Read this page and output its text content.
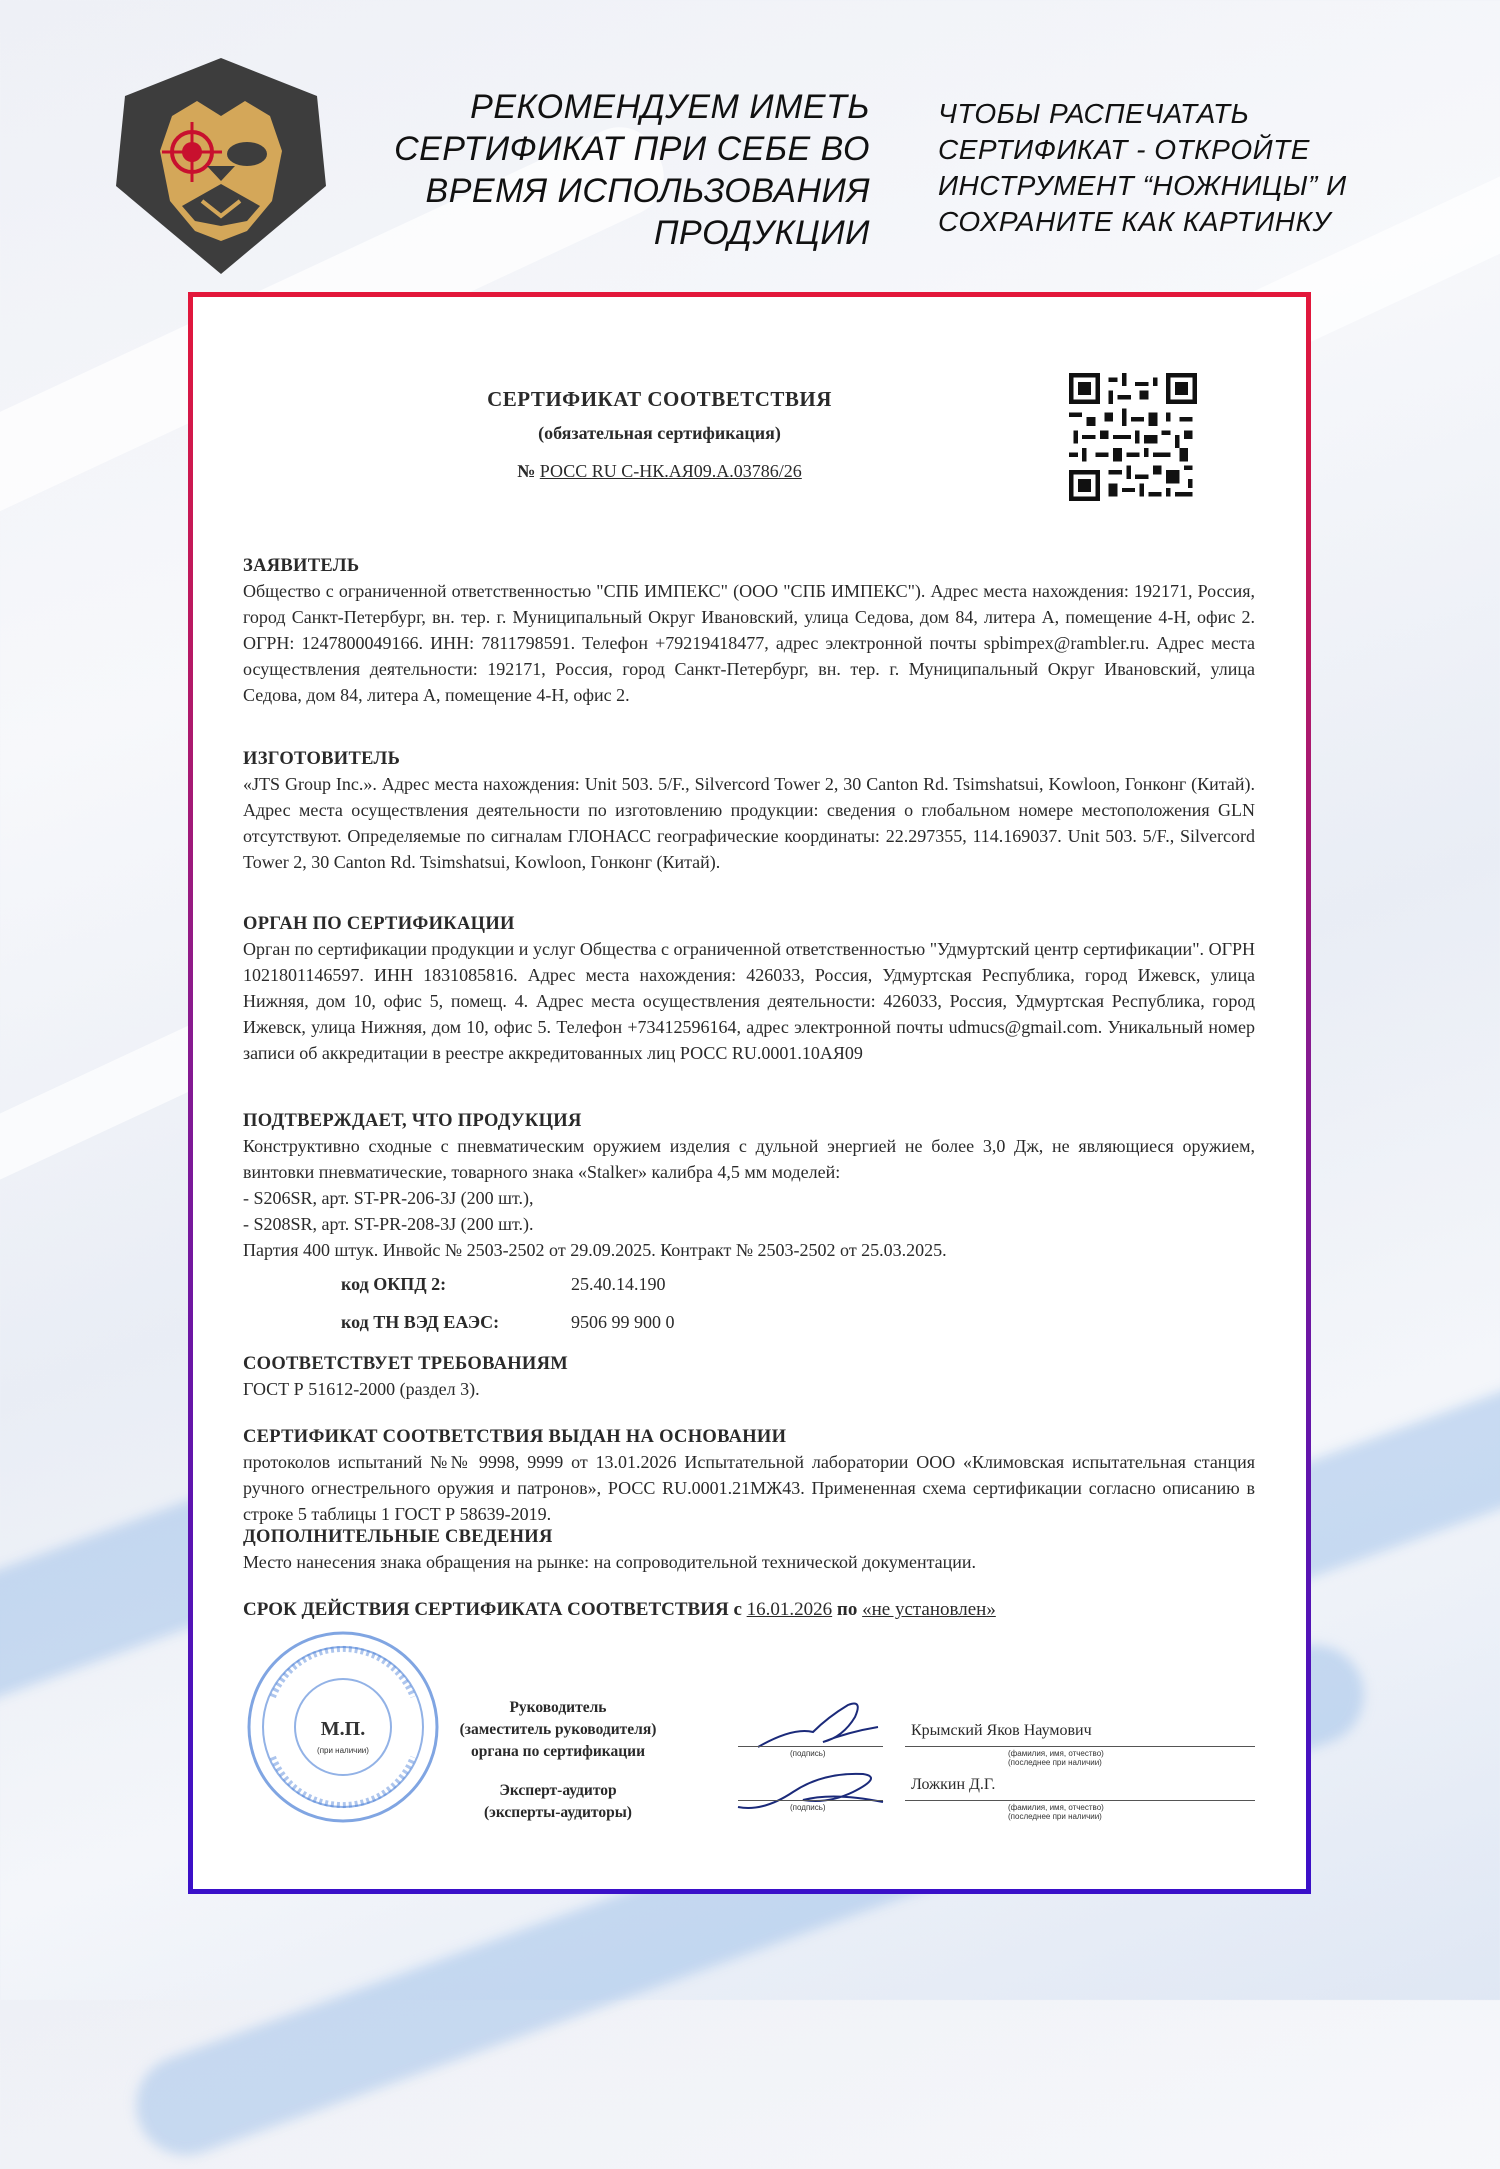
РЕКОМЕНДУЕМ ИМЕТЬ СЕРТИФИКАТ ПРИ СЕБЕ ВО ВРЕМЯ ИСПОЛЬЗОВАНИЯ ПРОДУКЦИИ
ЧТОБЫ РАСПЕЧАТАТЬ СЕРТИФИКАТ - ОТКРОЙТЕ ИНСТРУМЕНТ “НОЖНИЦЫ” И СОХРАНИТЕ КАК КАРТИНКУ
СЕРТИФИКАТ СООТВЕТСТВИЯ
(обязательная сертификация)
№ РОСС RU С-НК.АЯ09.А.03786/26

ЗАЯВИТЕЛЬ

Общество с ограниченной ответственностью "СПБ ИМПЕКС" (ООО "СПБ ИМПЕКС"). Адрес места нахождения: 192171, Россия, город Санкт-Петербург, вн. тер. г. Муниципальный Округ Ивановский, улица Седова, дом 84, литера А, помещение 4-Н, офис 2. ОГРН: 1247800049166. ИНН: 7811798591. Телефон +79219418477, адрес электронной почты spbimpex@rambler.ru. Адрес места осуществления деятельности: 192171, Россия, город Санкт-Петербург, вн. тер. г. Муниципальный Округ Ивановский, улица Седова, дом 84, литера А, помещение 4-Н, офис 2.

ИЗГОТОВИТЕЛЬ

«JTS Group Inc.». Адрес места нахождения: Unit 503. 5/F., Silvercord Tower 2, 30 Canton Rd. Tsimshatsui, Kowloon, Гонконг (Китай). Адрес места осуществления деятельности по изготовлению продукции: сведения о глобальном номере местоположения GLN отсутствуют. Определяемые по сигналам ГЛОНАСС географические координаты: 22.297355, 114.169037. Unit 503. 5/F., Silvercord Tower 2, 30 Canton Rd. Tsimshatsui, Kowloon, Гонконг (Китай).

ОРГАН ПО СЕРТИФИКАЦИИ

Орган по сертификации продукции и услуг Общества с ограниченной ответственностью "Удмуртский центр сертификации". ОГРН 1021801146597. ИНН 1831085816. Адрес места нахождения: 426033, Россия, Удмуртская Республика, город Ижевск, улица Нижняя, дом 10, офис 5, помещ. 4. Адрес места осуществления деятельности: 426033, Россия, Удмуртская Республика, город Ижевск, улица Нижняя, дом 10, офис 5. Телефон +73412596164, адрес электронной почты udmucs@gmail.com. Уникальный номер записи об аккредитации в реестре аккредитованных лиц РОСС RU.0001.10АЯ09

ПОДТВЕРЖДАЕТ, ЧТО ПРОДУКЦИЯ

Конструктивно сходные с пневматическим оружием изделия с дульной энергией не более 3,0 Дж, не являющиеся оружием, винтовки пневматические, товарного знака «Stalker» калибра 4,5 мм моделей:

- S206SR, арт. ST-PR-206-3J (200 шт.),

- S208SR, арт. ST-PR-208-3J (200 шт.).

Партия 400 штук. Инвойс № 2503-2502 от 29.09.2025. Контракт № 2503-2502 от 25.03.2025.

код ОКПД 2:	25.40.14.190
код ТН ВЭД ЕАЭС:	9506 99 900 0

СООТВЕТСТВУЕТ ТРЕБОВАНИЯМ

ГОСТ Р 51612-2000 (раздел 3).

СЕРТИФИКАТ СООТВЕТСТВИЯ ВЫДАН НА ОСНОВАНИИ

протоколов испытаний №№ 9998, 9999 от 13.01.2026 Испытательной лаборатории ООО «Климовская испытательная станция ручного огнестрельного оружия и патронов», РОСС RU.0001.21МЖ43. Примененная схема сертификации согласно описанию в строке 5 таблицы 1 ГОСТ Р 58639-2019.

ДОПОЛНИТЕЛЬНЫЕ СВЕДЕНИЯ

Место нанесения знака обращения на рынке: на сопроводительной технической документации.

СРОК ДЕЙСТВИЯ СЕРТИФИКАТА СООТВЕТСТВИЯ с 16.01.2026 по «не установлен»
М.П.
(при наличии)
Руководитель
(заместитель руководителя)
органа по сертификации
Эксперт-аудитор
(эксперты-аудиторы)
(подпись)
Крымский Яков Наумович
(фамилия, имя, отчество)
(последнее при наличии)
(подпись)
Ложкин Д.Г.
(фамилия, имя, отчество)
(последнее при наличии)
